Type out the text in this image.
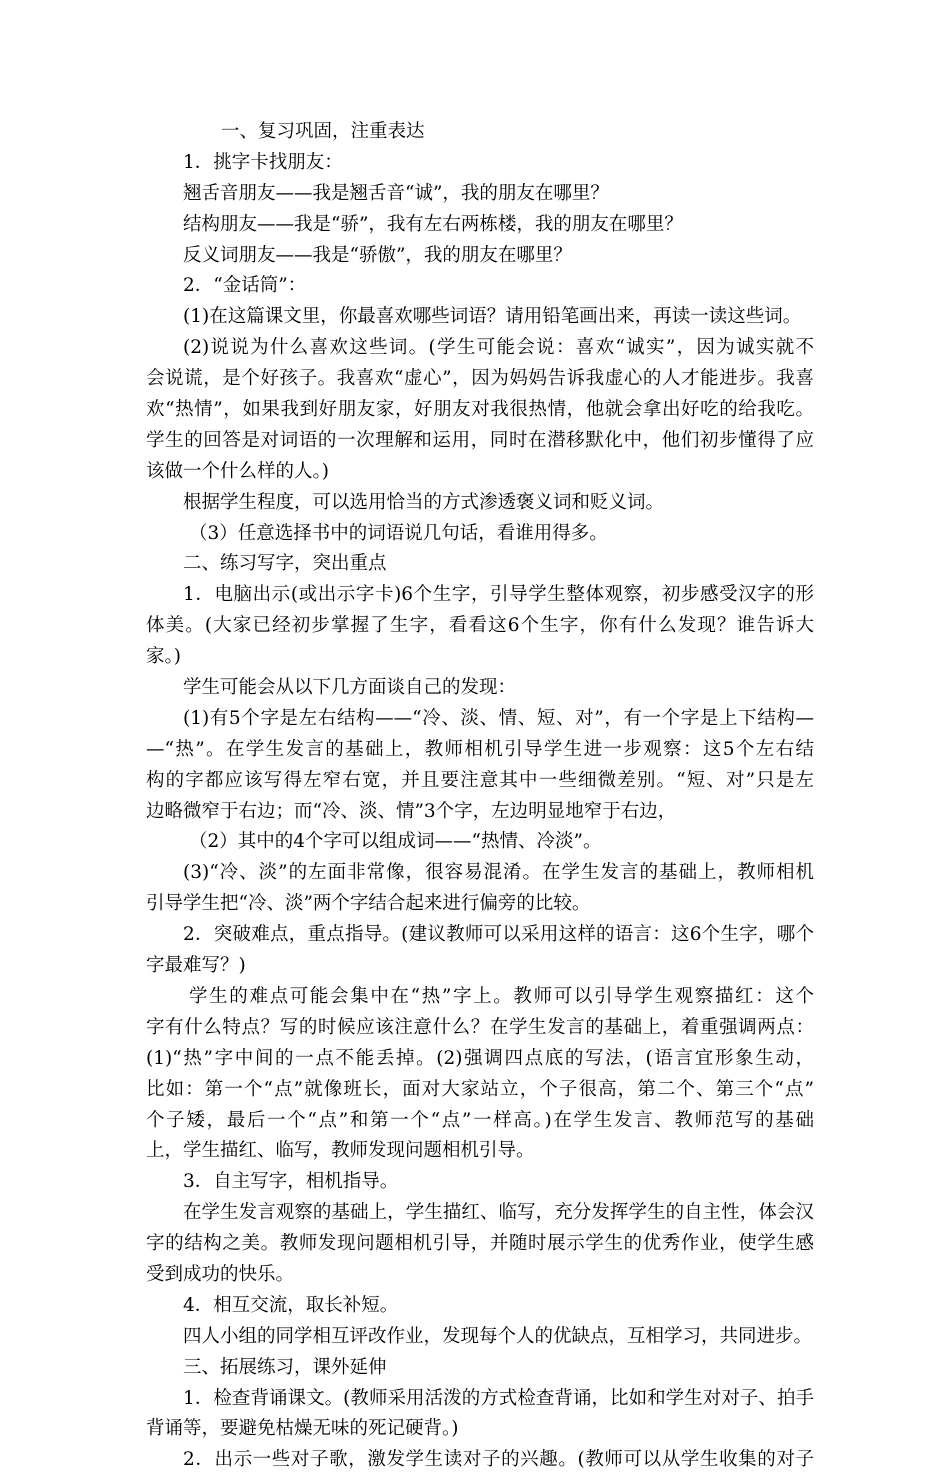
一、复习巩固，注重表达
1．挑字卡找朋友：
翘舌音朋友——我是翘舌音“诚”，我的朋友在哪里？
结构朋友——我是“骄”，我有左右两栋楼，我的朋友在哪里？
反义词朋友——我是“骄傲”，我的朋友在哪里？
2．“金话筒”：
(1)在这篇课文里，你最喜欢哪些词语？请用铅笔画出来，再读一读这些词。
(2)说说为什么喜欢这些词。(学生可能会说：喜欢“诚实”，因为诚实就不
会说谎，是个好孩子。我喜欢“虚心”，因为妈妈告诉我虚心的人才能进步。我喜
欢“热情”，如果我到好朋友家，好朋友对我很热情，他就会拿出好吃的给我吃。
学生的回答是对词语的一次理解和运用，同时在潜移默化中，他们初步懂得了应
该做一个什么样的人。)
根据学生程度，可以选用恰当的方式渗透褒义词和贬义词。
（3）任意选择书中的词语说几句话，看谁用得多。
二、练习写字，突出重点
1．电脑出示(或出示字卡)6个生字，引导学生整体观察，初步感受汉字的形
体美。(大家已经初步掌握了生字，看看这6个生字，你有什么发现？谁告诉大
家。)
学生可能会从以下几方面谈自己的发现：
(1)有5个字是左右结构——“冷、淡、情、短、对”，有一个字是上下结构—
—“热”。在学生发言的基础上，教师相机引导学生进一步观察：这5个左右结
构的字都应该写得左窄右宽，并且要注意其中一些细微差别。“短、对”只是左
边略微窄于右边；而“冷、淡、情”3个字，左边明显地窄于右边，
（2）其中的4个字可以组成词——“热情、冷淡”。
(3)“冷、淡”的左面非常像，很容易混淆。在学生发言的基础上，教师相机
引导学生把“冷、淡”两个字结合起来进行偏旁的比较。
2．突破难点，重点指导。(建议教师可以采用这样的语言：这6个生字，哪个
字最难写？)
学生的难点可能会集中在“热”字上。教师可以引导学生观察描红：这个
字有什么特点？写的时候应该注意什么？在学生发言的基础上，着重强调两点：
(1)“热”字中间的一点不能丢掉。(2)强调四点底的写法，(语言宜形象生动，
比如：第一个“点”就像班长，面对大家站立，个子很高，第二个、第三个“点”
个子矮，最后一个“点”和第一个“点”一样高。)在学生发言、教师范写的基础
上，学生描红、临写，教师发现问题相机引导。
3．自主写字，相机指导。
在学生发言观察的基础上，学生描红、临写，充分发挥学生的自主性，体会汉
字的结构之美。教师发现问题相机引导，并随时展示学生的优秀作业，使学生感
受到成功的快乐。
4．相互交流，取长补短。
四人小组的同学相互评改作业，发现每个人的优缺点，互相学习，共同进步。
三、拓展练习，课外延伸
1．检查背诵课文。(教师采用活泼的方式检查背诵，比如和学生对对子、拍手
背诵等，要避免枯燥无味的死记硬背。)
2．出示一些对子歌，激发学生读对子的兴趣。(教师可以从学生收集的对子
